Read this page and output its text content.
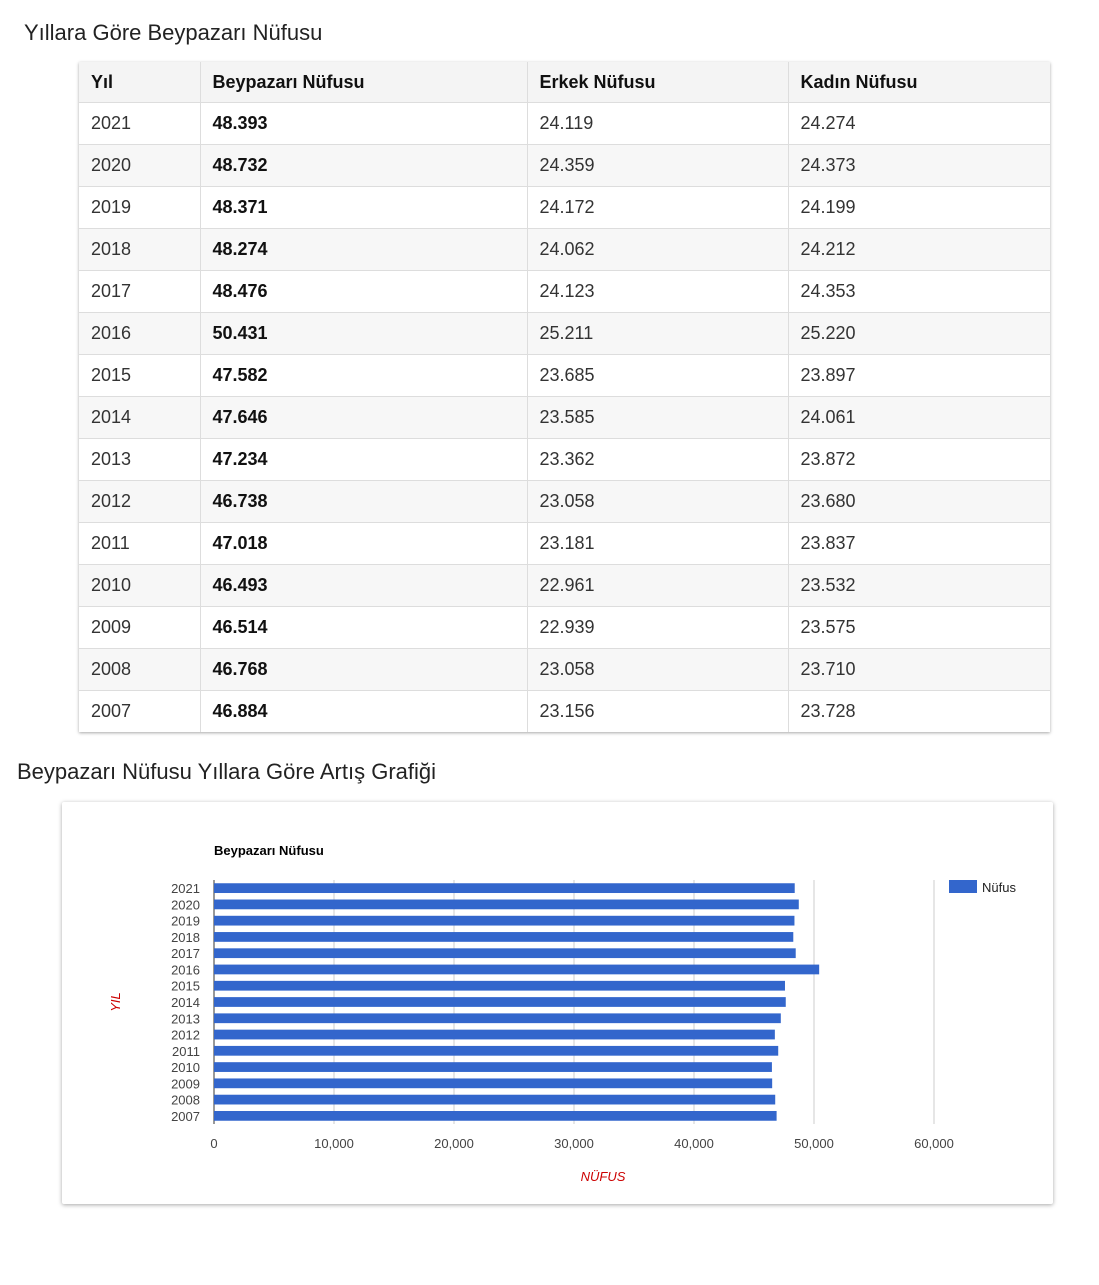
Yıllara Göre Beypazarı Nüfusu
Yıl	Beypazarı Nüfusu	Erkek Nüfusu	Kadın Nüfusu
2021	48.393	24.119	24.274
2020	48.732	24.359	24.373
2019	48.371	24.172	24.199
2018	48.274	24.062	24.212
2017	48.476	24.123	24.353
2016	50.431	25.211	25.220
2015	47.582	23.685	23.897
2014	47.646	23.585	24.061
2013	47.234	23.362	23.872
2012	46.738	23.058	23.680
2011	47.018	23.181	23.837
2010	46.493	22.961	23.532
2009	46.514	22.939	23.575
2008	46.768	23.058	23.710
2007	46.884	23.156	23.728
Beypazarı Nüfusu Yıllara Göre Artış Grafiği
Beypazarı Nüfusu
0	10,000	20,000	30,000	40,000	50,000	60,000
2021
2020
2019
2018
2017
2016
2015
2014
2013
2012
2011
2010
2009
2008
2007
NÜFUS
YIL
Nüfus
